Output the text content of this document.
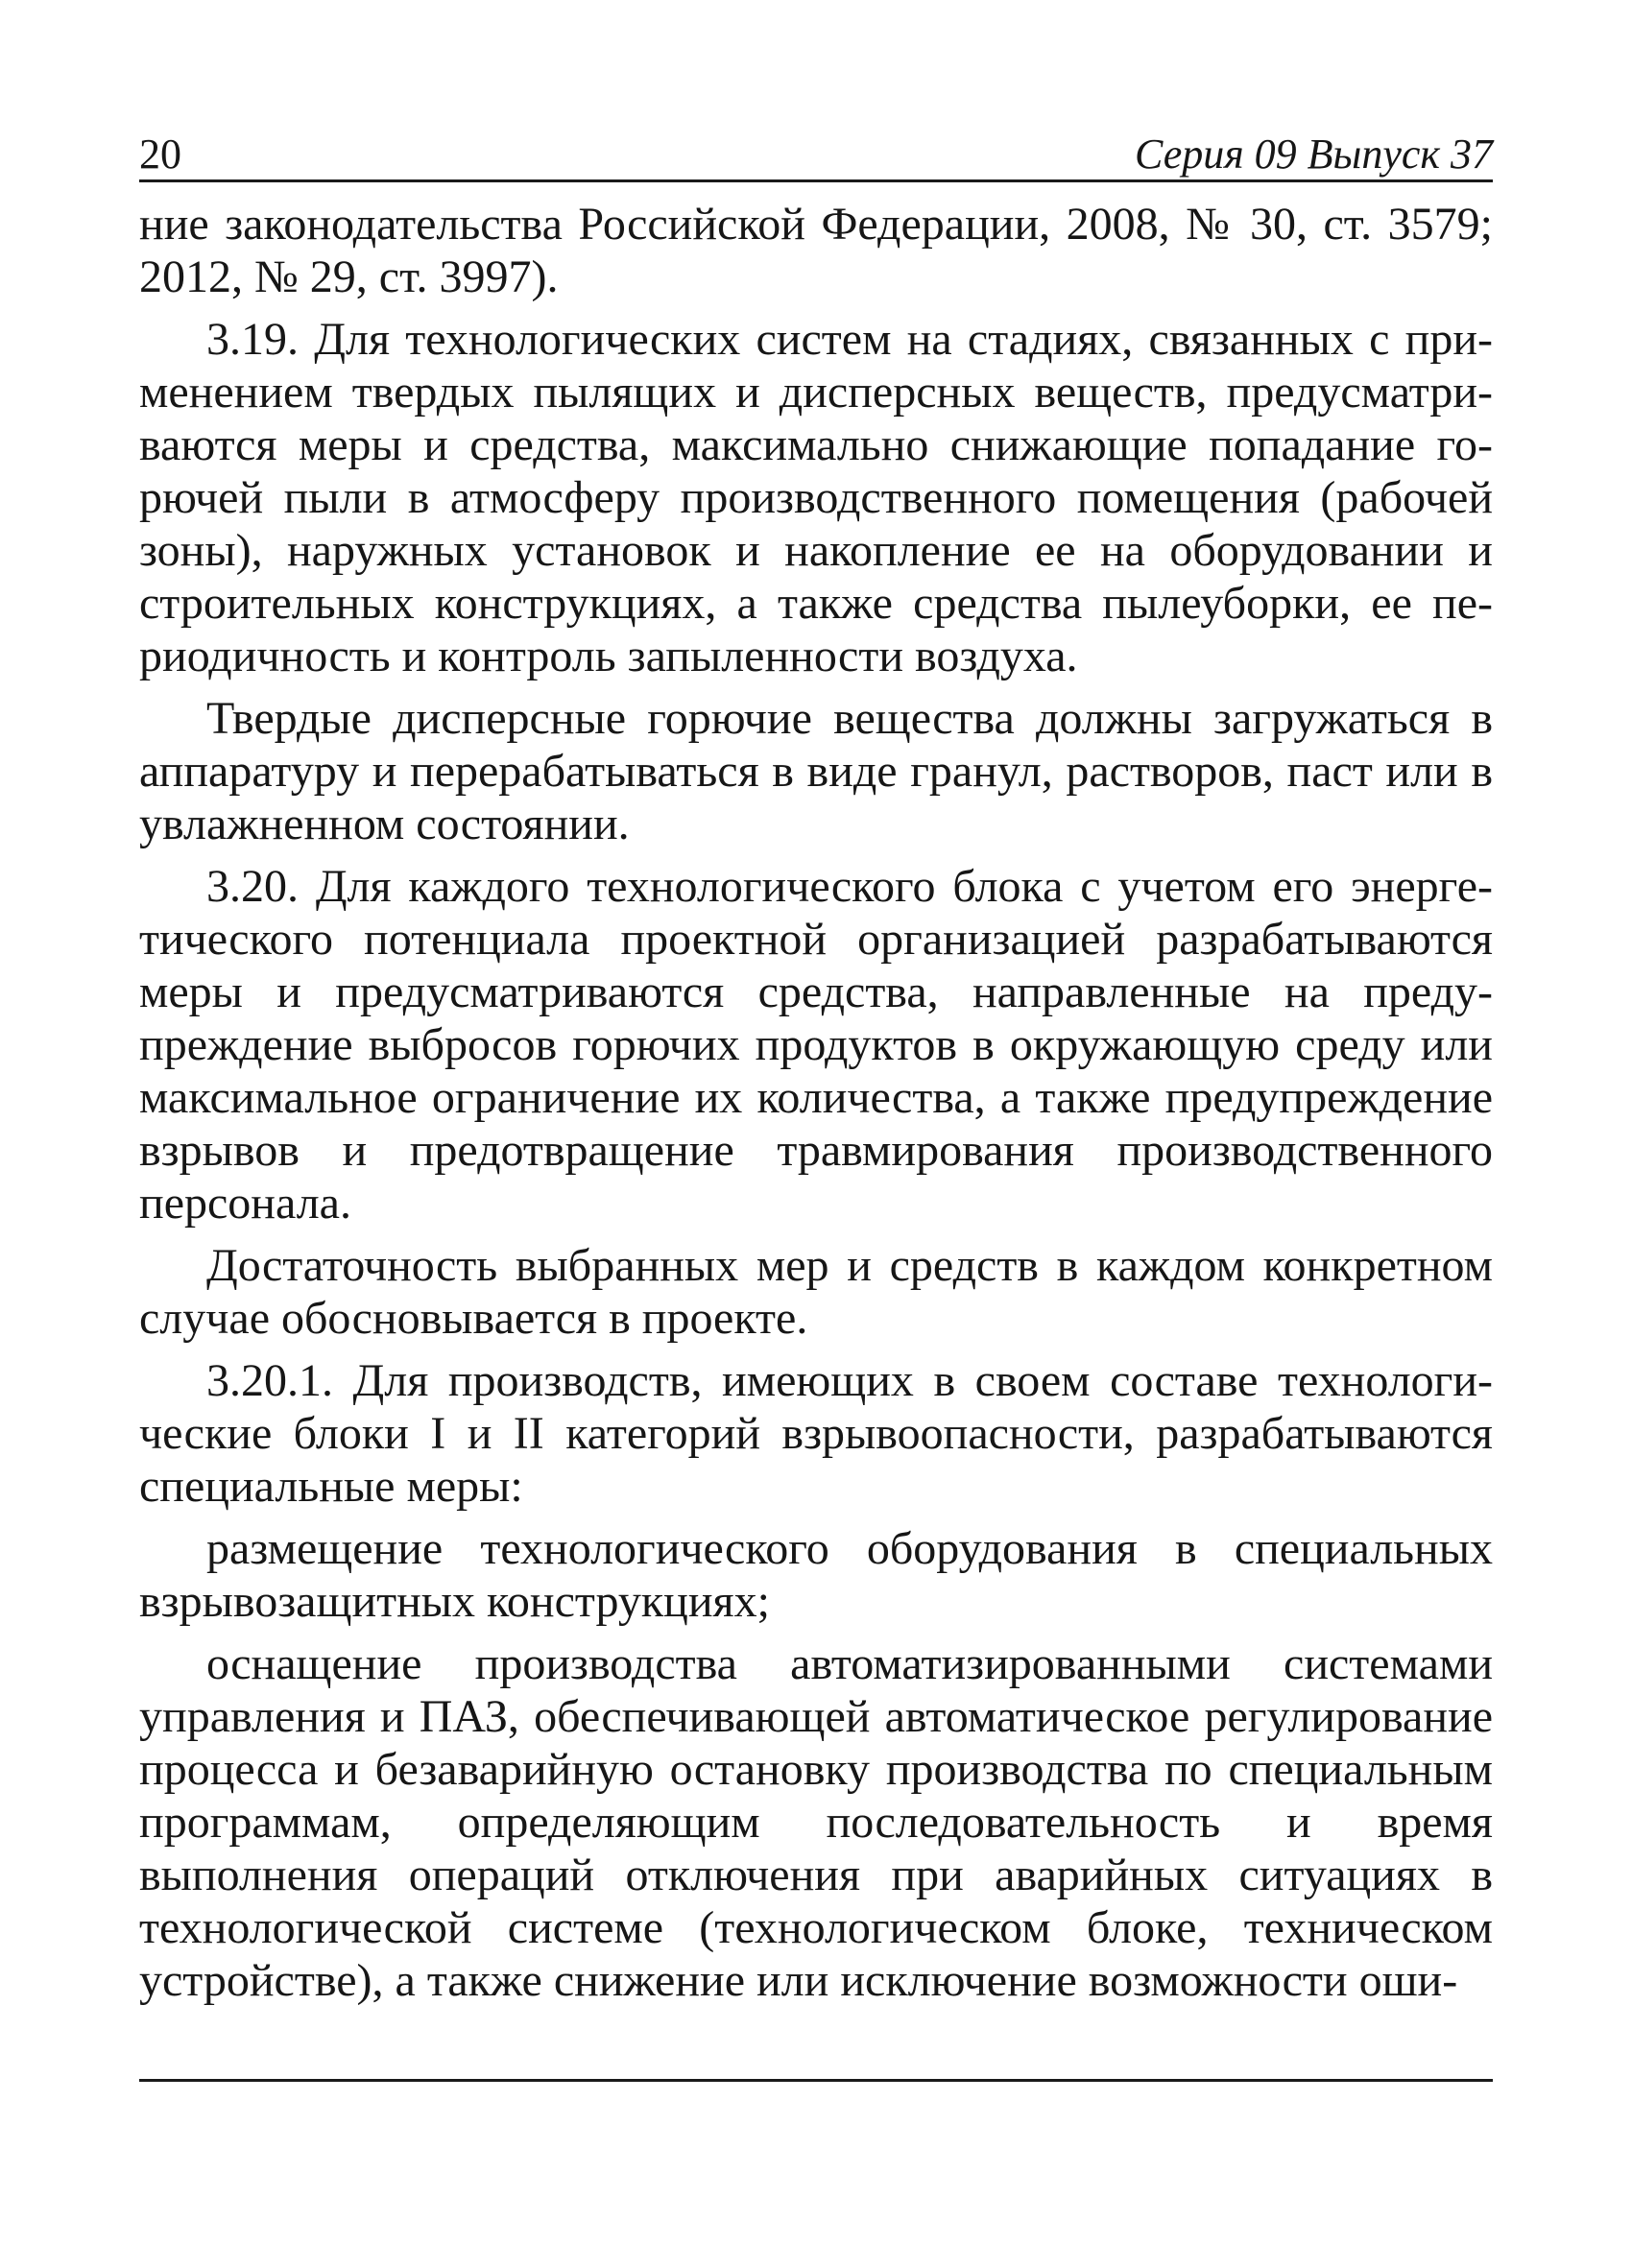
20	Серия 09 Выпуск 37

ние законодательства Российской Федерации, 2008, № 30, ст. 3579; 2012, № 29, ст. 3997).

3.19. Для технологических систем на стадиях, связанных с применением твердых пылящих и дисперсных веществ, предусматриваются меры и средства, максимально снижающие попадание горючей пыли в атмосферу производственного помещения (рабочей зоны), наружных установок и накопление ее на оборудовании и строительных конструкциях, а также средства пылеуборки, ее периодичность и контроль запыленности воздуха.

Твердые дисперсные горючие вещества должны загружаться в аппаратуру и перерабатываться в виде гранул, растворов, паст или в увлажненном состоянии.

3.20. Для каждого технологического блока с учетом его энергетического потенциала проектной организацией разрабатываются меры и предусматриваются средства, направленные на предупреждение выбросов горючих продуктов в окружающую среду или максимальное ограничение их количества, а также предупреждение взрывов и предотвращение травмирования производственного персонала.

Достаточность выбранных мер и средств в каждом конкретном случае обосновывается в проекте.

3.20.1. Для производств, имеющих в своем составе технологические блоки I и II категорий взрывоопасности, разрабатываются специальные меры:

размещение технологического оборудования в специальных взрывозащитных конструкциях;

оснащение производства автоматизированными системами управления и ПАЗ, обеспечивающей автоматическое регулирование процесса и безаварийную остановку производства по специальным программам, определяющим последовательность и время выполнения операций отключения при аварийных ситуациях в технологической системе (технологическом блоке, техническом устройстве), а также снижение или исключение возможности оши-
